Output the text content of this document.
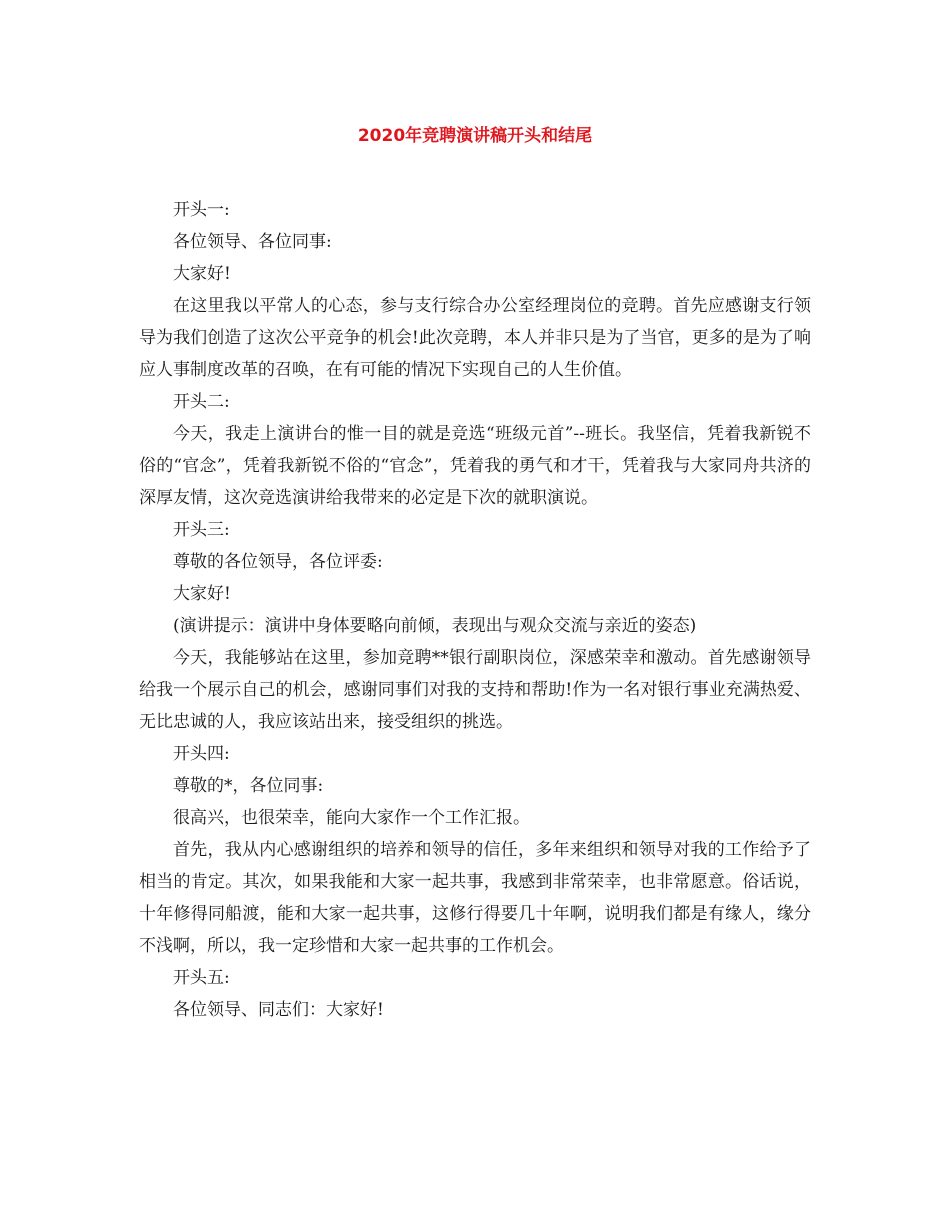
2020年竞聘演讲稿开头和结尾

开头一:

各位领导、各位同事:

大家好!

在这里我以平常人的心态，参与支行综合办公室经理岗位的竞聘。首先应感谢支行领导为我们创造了这次公平竞争的机会!此次竞聘，本人并非只是为了当官，更多的是为了响应人事制度改革的召唤，在有可能的情况下实现自己的人生价值。

开头二:

今天，我走上演讲台的惟一目的就是竞选“班级元首”--班长。我坚信，凭着我新锐不俗的“官念”，凭着我新锐不俗的“官念”，凭着我的勇气和才干，凭着我与大家同舟共济的深厚友情，这次竞选演讲给我带来的必定是下次的就职演说。

开头三:

尊敬的各位领导，各位评委:

大家好!

(演讲提示：演讲中身体要略向前倾，表现出与观众交流与亲近的姿态)

今天，我能够站在这里，参加竞聘**银行副职岗位，深感荣幸和激动。首先感谢领导给我一个展示自己的机会，感谢同事们对我的支持和帮助!作为一名对银行事业充满热爱、无比忠诚的人，我应该站出来，接受组织的挑选。

开头四:

尊敬的*，各位同事:

很高兴，也很荣幸，能向大家作一个工作汇报。

首先，我从内心感谢组织的培养和领导的信任，多年来组织和领导对我的工作给予了相当的肯定。其次，如果我能和大家一起共事，我感到非常荣幸，也非常愿意。俗话说，十年修得同船渡，能和大家一起共事，这修行得要几十年啊，说明我们都是有缘人，缘分不浅啊，所以，我一定珍惜和大家一起共事的工作机会。

开头五:

各位领导、同志们：大家好!
